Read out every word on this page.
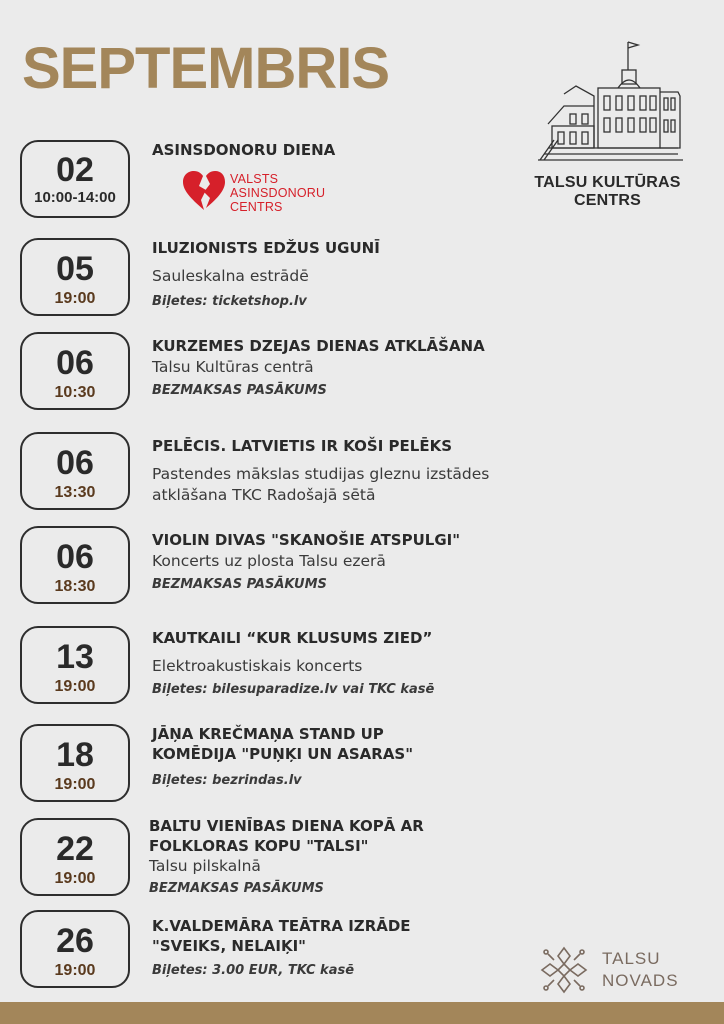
SEPTEMBRIS
TALSU KULTŪRAS CENTRS
02
10:00-14:00

ASINSDONORU DIENA

VALSTS
ASINSDONORU
CENTRS
05
19:00

ILUZIONISTS EDŽUS UGUNĪ

Sauleskalna estrādē

Biļetes: ticketshop.lv

06
10:30

KURZEMES DZEJAS DIENAS ATKLĀŠANA

Talsu Kultūras centrā

BEZMAKSAS PASĀKUMS

06
13:30

PELĒCIS. LATVIETIS IR KOŠI PELĒKS

Pastendes mākslas studijas gleznu izstādes atklāšana TKC Radošajā sētā

06
18:30

VIOLIN DIVAS "SKANOŠIE ATSPULGI"

Koncerts uz plosta Talsu ezerā

BEZMAKSAS PASĀKUMS

13
19:00

KAUTKAILI “KUR KLUSUMS ZIED”

Elektroakustiskais koncerts

Biļetes: bilesuparadize.lv vai TKC kasē

18
19:00

JĀŅA KREČMAŅA STAND UP KOMĒDIJA "PUŅĶI UN ASARAS"

Biļetes: bezrindas.lv

22
19:00

BALTU VIENĪBAS DIENA KOPĀ AR FOLKLORAS KOPU "TALSI"

Talsu pilskalnā

BEZMAKSAS PASĀKUMS

26
19:00

K.VALDEMĀRA TEĀTRA IZRĀDE "SVEIKS, NELAIĶI"

Biļetes: 3.00 EUR, TKC kasē

TALSU
NOVADS
